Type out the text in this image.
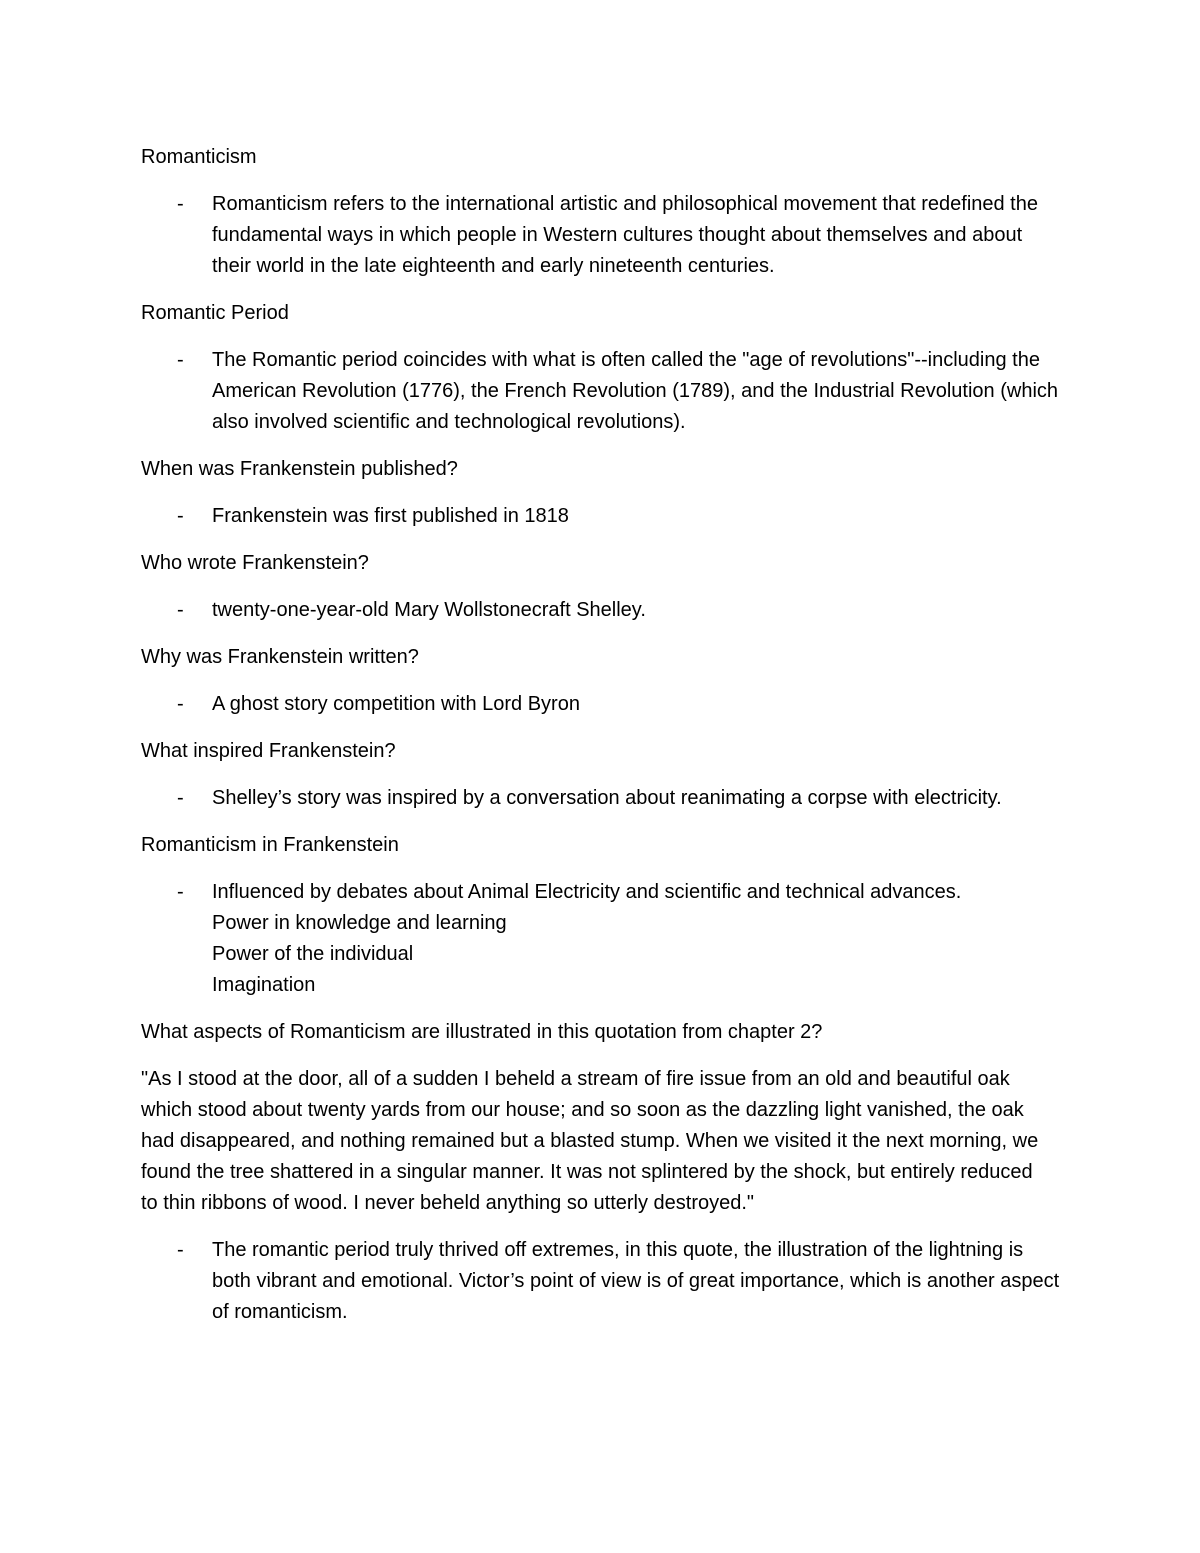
Romanticism
- Romanticism refers to the international artistic and philosophical movement that redefined the fundamental ways in which people in Western cultures thought about themselves and about their world in the late eighteenth and early nineteenth centuries.
Romantic Period
- The Romantic period coincides with what is often called the "age of revolutions"--including the American Revolution (1776), the French Revolution (1789), and the Industrial Revolution (which also involved scientific and technological revolutions).
When was Frankenstein published?
- Frankenstein was first published in 1818
Who wrote Frankenstein?
- twenty-one-year-old Mary Wollstonecraft Shelley.
Why was Frankenstein written?
- A ghost story competition with Lord Byron
What inspired Frankenstein?
- Shelley’s story was inspired by a conversation about reanimating a corpse with electricity.
Romanticism in Frankenstein
- Influenced by debates about Animal Electricity and scientific and technical advances.
Power in knowledge and learning
Power of the individual
Imagination
What aspects of Romanticism are illustrated in this quotation from chapter 2?
"As I stood at the door, all of a sudden I beheld a stream of fire issue from an old and beautiful oak which stood about twenty yards from our house; and so soon as the dazzling light vanished, the oak had disappeared, and nothing remained but a blasted stump. When we visited it the next morning, we found the tree shattered in a singular manner. It was not splintered by the shock, but entirely reduced to thin ribbons of wood. I never beheld anything so utterly destroyed."
- The romantic period truly thrived off extremes, in this quote, the illustration of the lightning is both vibrant and emotional. Victor’s point of view is of great importance, which is another aspect of romanticism.
